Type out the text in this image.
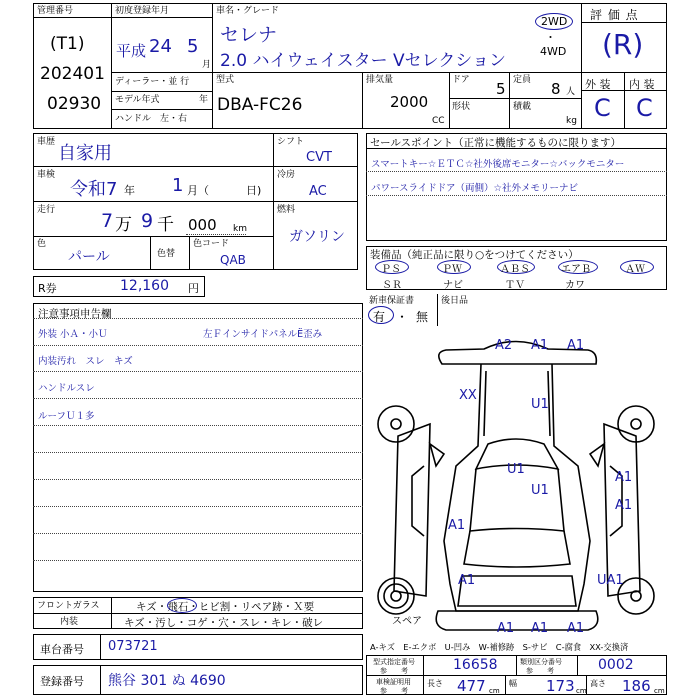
管理番号
(T1)
202401
02930
初度登録年月
平成 24 5
月
ディーラー・並 行
モデル年式	年
ハンドル　左・右
車名・グレード
セレナ
2.0 ハイウェイスター Vセレクション
2WD
・
4WD
型式
DBA-FC26
排気量
2000
CC
ドア 5
形状
定員 8 人
積載
kg
評 価 点
(R)
外 装 内 装
C C
車歴
自家用
車検
令和7 年 1 月（	日)
走行 7 万 9 千 000 km
色
パール	色替
色コード
QAB
シフト
CVT
冷房
AC
燃料
ガソリン
R券	12,160 円
セールスポイント（正常に機能するものに限ります）
スマートキー☆ＥＴＣ☆社外後席モニター☆バックモニター
パワースライドドア（両側）☆社外メモリーナビ
装備品（純正品に限り○をつけてください）
ＰＳ	ＰＷ	ＡＢＳ	エアＢ	ＡＷ
ＳＲ	ナビ	ＴＶ	カワ
新車保証書
有 ・ 無
後日品
注意事項申告欄
外装 小Ａ・小Ｕ
内装汚れ　スレ　キズ
ハンドルスレ
ルーフＵ１多
左ＦインサイドパネルЁ歪み
フロントガラス	キズ・飛石・ヒビ割・リペア跡・Ｘ要
内装	キズ・汚し・コゲ・穴・スレ・キレ・破レ
A2 A1 A1
XX
U1
U1
A1
U1
A1
A1
A1	UA1
A1 A1 A1
スペア
A-キズ　E-エクボ　U-凹み　W-補修跡　S-サビ　C-腐食　XX-交換済
車台番号 073721
登録番号 熊谷 301 ぬ 4690
型式指定番号
参　　考	16658	類別区分番号
参　　考	0002
車検証明用
参　　考
長さ 477 cm
幅 173 cm
高さ 186 cm
